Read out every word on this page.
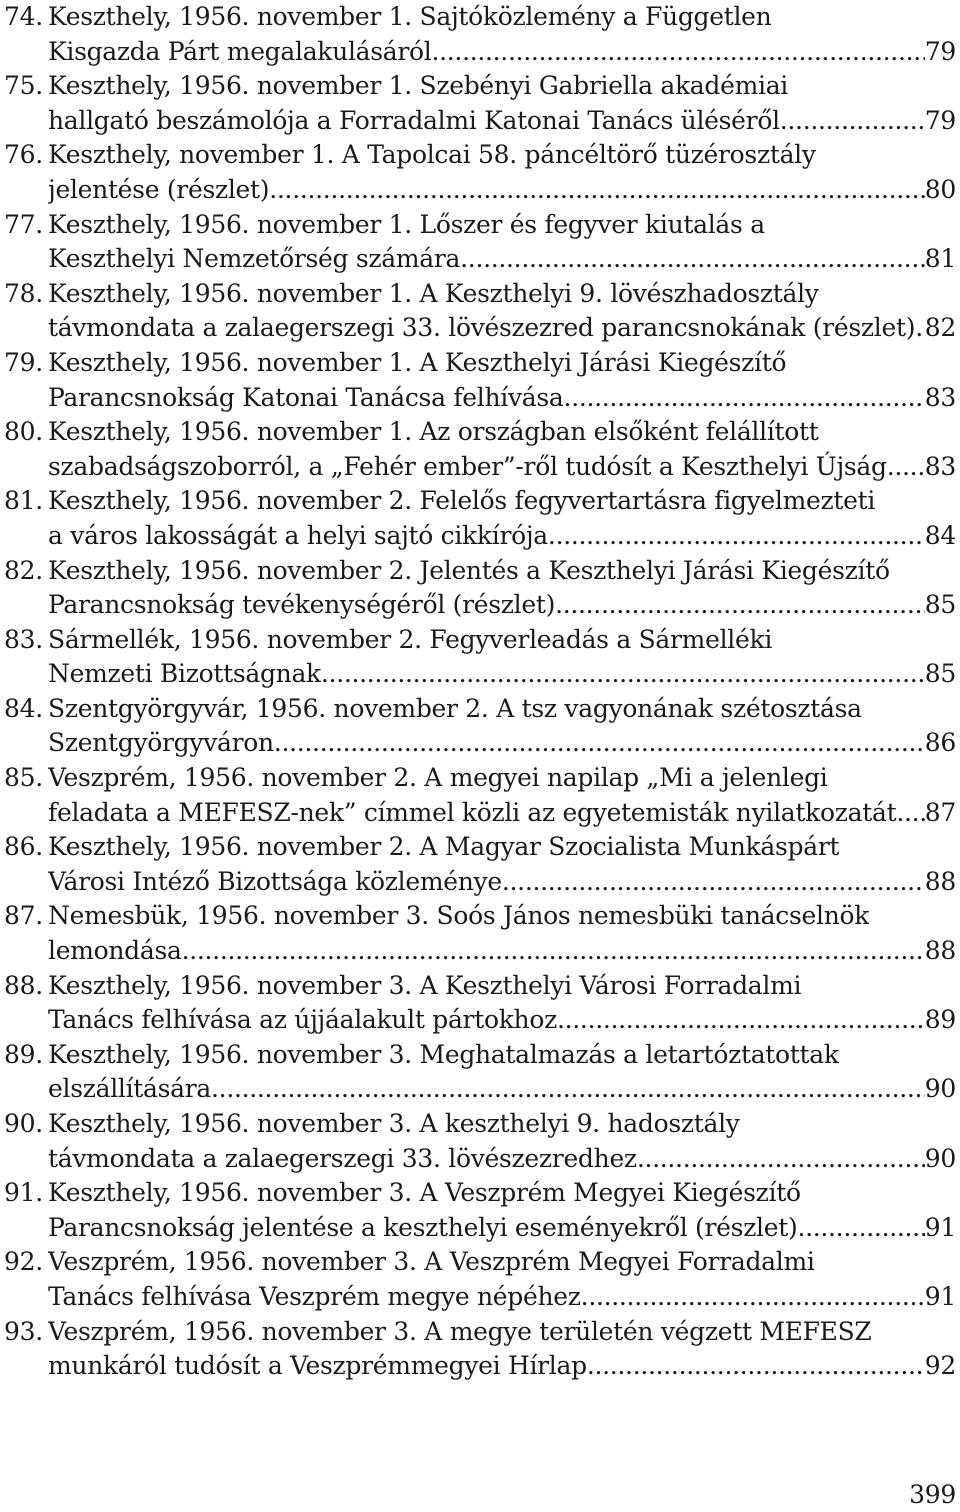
74. Keszthely, 1956. november 1. Sajtóközlemény a Független
Kisgazda Párt megalakulásáról .....	79
75. Keszthely, 1956. november 1. Szebényi Gabriella akadémiai
hallgató beszámolója a Forradalmi Katonai Tanács üléséről .....	79
76. Keszthely, november 1. A Tapolcai 58. páncéltörő tüzérosztály
jelentése (részlet) .....	80
77. Keszthely, 1956. november 1. Lőszer és fegyver kiutalás a
Keszthelyi Nemzetőrség számára .....	81
78. Keszthely, 1956. november 1. A Keszthelyi 9. lövészhadosztály
távmondata a zalaegerszegi 33. lövészezred parancsnokának (részlet) ..... 82
79. Keszthely, 1956. november 1. A Keszthelyi Járási Kiegészítő
Parancsnokság Katonai Tanácsa felhívása .....	83
80. Keszthely, 1956. november 1. Az országban elsőként felállított
szabadságszoborról, a „Fehér ember”-ről tudósít a Keszthelyi Újság ..... 83
81. Keszthely, 1956. november 2. Felelős fegyvertartásra figyelmezteti
a város lakosságát a helyi sajtó cikkírója .....	84
82. Keszthely, 1956. november 2. Jelentés a Keszthelyi Járási Kiegészítő
Parancsnokság tevékenységéről (részlet) .....	85
83. Sármellék, 1956. november 2. Fegyverleadás a Sármelléki
Nemzeti Bizottságnak .....	85
84. Szentgyörgyvár, 1956. november 2. A tsz vagyonának szétosztása
Szentgyörgyváron .....	86
85. Veszprém, 1956. november 2. A megyei napilap „Mi a jelenlegi
feladata a MEFESZ-nek” címmel közli az egyetemisták nyilatkozatát. ..... 87
86. Keszthely, 1956. november 2. A Magyar Szocialista Munkáspárt
Városi Intéző Bizottsága közleménye .....	88
87. Nemesbük, 1956. november 3. Soós János nemesbüki tanácselnök
lemondása .....	88
88. Keszthely, 1956. november 3. A Keszthelyi Városi Forradalmi
Tanács felhívása az újjáalakult pártokhoz .....	89
89. Keszthely, 1956. november 3. Meghatalmazás a letartóztatottak
elszállítására .....	90
90. Keszthely, 1956. november 3. A keszthelyi 9. hadosztály
távmondata a zalaegerszegi 33. lövészezredhez .....	90
91. Keszthely, 1956. november 3. A Veszprém Megyei Kiegészítő
Parancsnokság jelentése a keszthelyi eseményekről (részlet) .....	91
92. Veszprém, 1956. november 3. A Veszprém Megyei Forradalmi
Tanács felhívása Veszprém megye népéhez .....	91
93. Veszprém, 1956. november 3. A megye területén végzett MEFESZ
munkáról tudósít a Veszprémmegyei Hírlap .....	92
399
